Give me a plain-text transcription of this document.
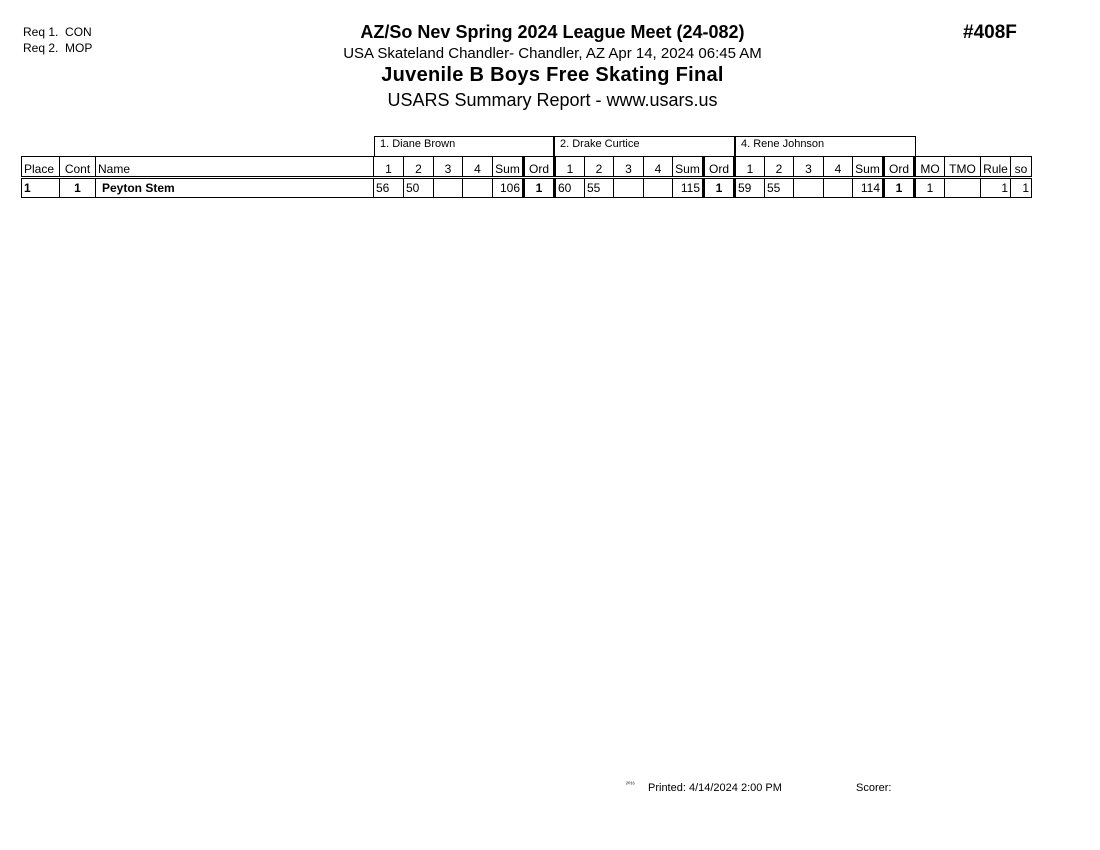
Req 1.  CON
Req 2.  MOP
AZ/So Nev Spring 2024 League Meet (24-082)
USA Skateland Chandler- Chandler, AZ Apr 14, 2024 06:45 AM
Juvenile B Boys Free Skating Final
USARS Summary Report - www.usars.us
#408F
1. Diane Brown	2. Drake Curtice	4. Rene Johnson
Place	Cont	Name	1	2	3	4	Sum	Ord	1	2	3	4	Sum	Ord	1	2	3	4	Sum	Ord	MO	TMO	Rule	so
1	1	Peyton Stem	56	50			106	1	60	55			115	1	59	55			114	1	1		1	1
²⁰¹⁶ Printed: 4/14/2024 2:00 PM	Scorer:
